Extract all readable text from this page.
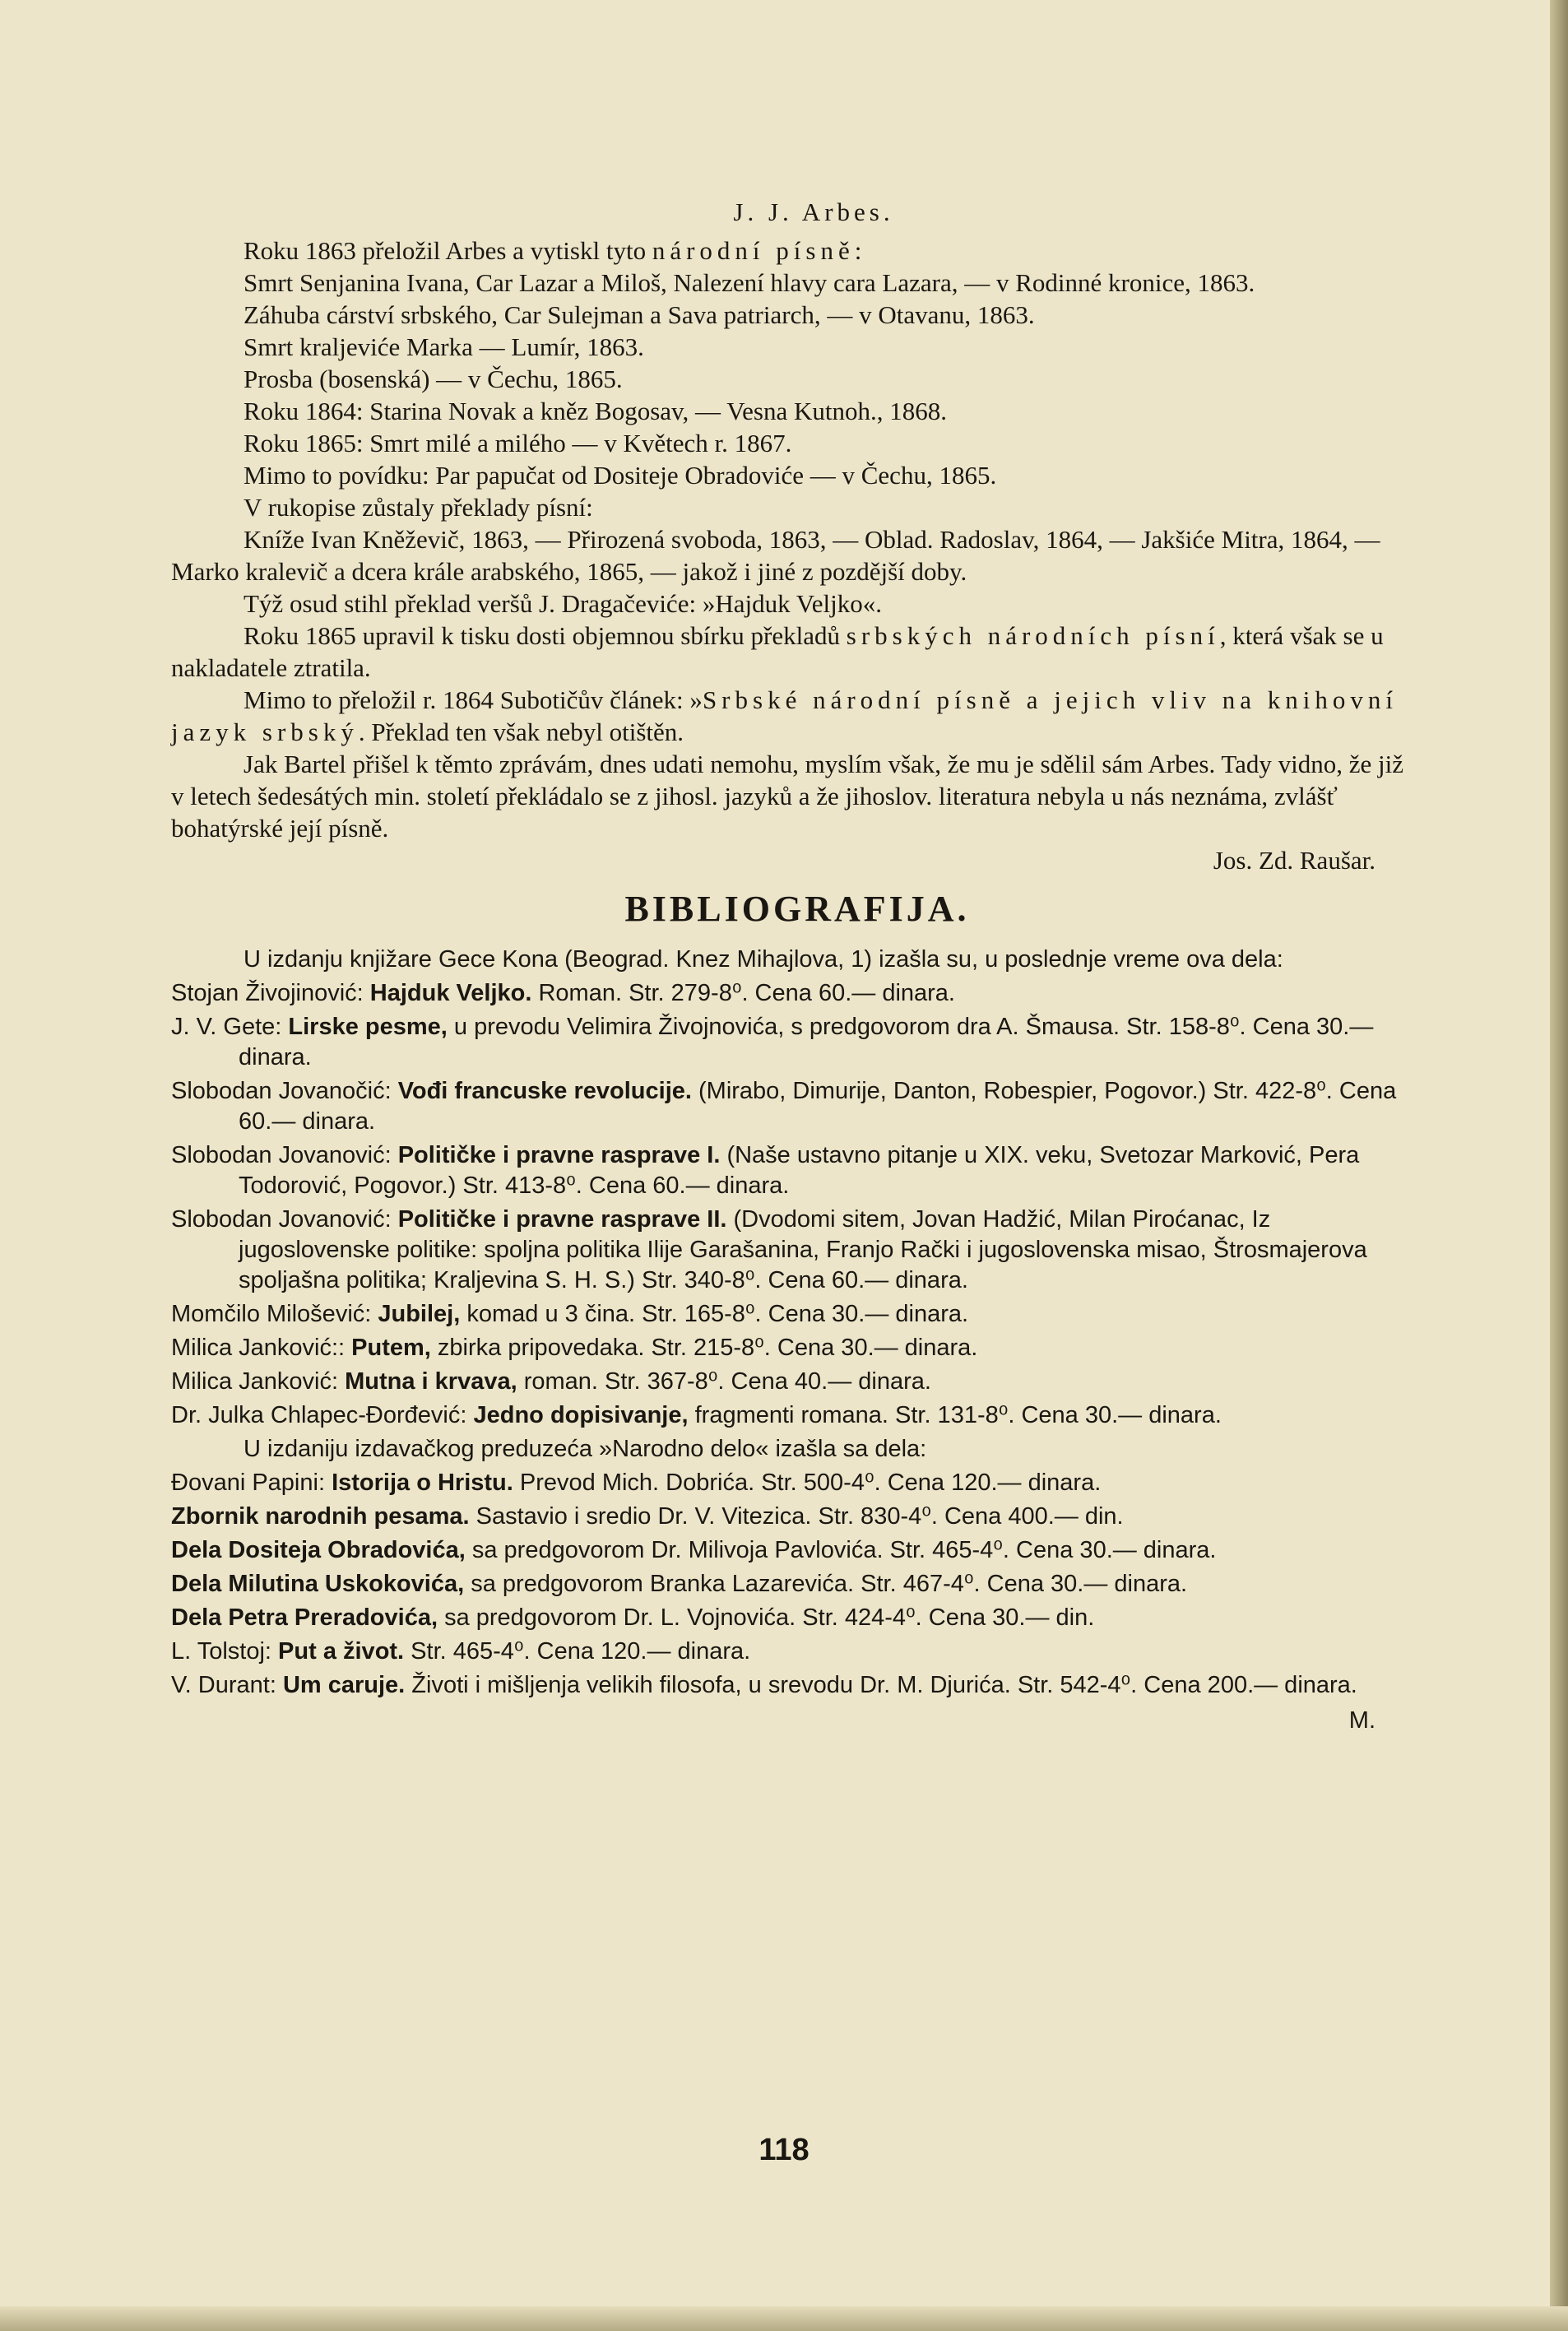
J. J. Arbes.

Roku 1863 přeložil Arbes a vytiskl tyto národní písně:

Smrt Senjanina Ivana, Car Lazar a Miloš, Nalezení hlavy cara Lazara, — v Rodinné kronice, 1863.

Záhuba cárství srbského, Car Sulejman a Sava patriarch, — v Otavanu, 1863.

Smrt kraljeviće Marka — Lumír, 1863.

Prosba (bosenská) — v Čechu, 1865.

Roku 1864: Starina Novak a kněz Bogosav, — Vesna Kutnoh., 1868.

Roku 1865: Smrt milé a milého — v Květech r. 1867.

Mimo to povídku: Par papučat od Dositeje Obradoviće — v Čechu, 1865.

V rukopise zůstaly překlady písní:

Kníže Ivan Kněževič, 1863, — Přirozená svoboda, 1863, — Oblad. Radoslav, 1864, — Jakšiće Mitra, 1864, — Marko kralevič a dcera krále arabského, 1865, — jakož i jiné z pozdější doby.

Týž osud stihl překlad veršů J. Dragačeviće: »Hajduk Veljko«.

Roku 1865 upravil k tisku dosti objemnou sbírku překladů srbských národních písní, která však se u nakladatele ztratila.

Mimo to přeložil r. 1864 Subotičův článek: »Srbské národní písně a jejich vliv na knihovní jazyk srbský. Překlad ten však nebyl otištěn.

Jak Bartel přišel k těmto zprávám, dnes udati nemohu, myslím však, že mu je sdělil sám Arbes. Tady vidno, že již v letech šedesátých min. století překládalo se z jihosl. jazyků a že jihoslov. literatura nebyla u nás neznáma, zvlášť bohatýrské její písně.

Jos. Zd. Raušar.

BIBLIOGRAFIJA.

U izdanju knjižare Gece Kona (Beograd. Knez Mihajlova, 1) izašla su, u poslednje vreme ova dela:

Stojan Živojinović: Hajduk Veljko. Roman. Str. 279-8⁰. Cena 60.— dinara.

J. V. Gete: Lirske pesme, u prevodu Velimira Živojnovića, s predgovorom dra A. Šmausa. Str. 158-8⁰. Cena 30.— dinara.

Slobodan Jovanočić: Vođi francuske revolucije. (Mirabo, Dimurije, Danton, Robespier, Pogovor.) Str. 422-8⁰. Cena 60.— dinara.

Slobodan Jovanović: Političke i pravne rasprave I. (Naše ustavno pitanje u XIX. veku, Svetozar Marković, Pera Todorović, Pogovor.) Str. 413-8⁰. Cena 60.— dinara.

Slobodan Jovanović: Političke i pravne rasprave II. (Dvodomi sitem, Jovan Hadžić, Milan Piroćanac, Iz jugoslovenske politike: spoljna politika Ilije Garašanina, Franjo Rački i jugoslovenska misao, Štrosmajerova spoljašna politika; Kraljevina S. H. S.) Str. 340-8⁰. Cena 60.— dinara.

Momčilo Milošević: Jubilej, komad u 3 čina. Str. 165-8⁰. Cena 30.— dinara.

Milica Janković:: Putem, zbirka pripovedaka. Str. 215-8⁰. Cena 30.— dinara.

Milica Janković: Mutna i krvava, roman. Str. 367-8⁰. Cena 40.— dinara.

Dr. Julka Chlapec-Đorđević: Jedno dopisivanje, fragmenti romana. Str. 131-8⁰. Cena 30.— dinara.

U izdaniju izdavačkog preduzeća »Narodno delo« izašla sa dela:

Đovani Papini: Istorija o Hristu. Prevod Mich. Dobrića. Str. 500-4⁰. Cena 120.— dinara.

Zbornik narodnih pesama. Sastavio i sredio Dr. V. Vitezica. Str. 830-4⁰. Cena 400.— din.

Dela Dositeja Obradovića, sa predgovorom Dr. Milivoja Pavlovića. Str. 465-4⁰. Cena 30.— dinara.

Dela Milutina Uskokovića, sa predgovorom Branka Lazarevića. Str. 467-4⁰. Cena 30.— dinara.

Dela Petra Preradovića, sa predgovorom Dr. L. Vojnovića. Str. 424-4⁰. Cena 30.— din.

L. Tolstoj: Put a život. Str. 465-4⁰. Cena 120.— dinara.

V. Durant: Um caruje. Životi i mišljenja velikih filosofa, u srevodu Dr. M. Djurića. Str. 542-4⁰. Cena 200.— dinara.

M.

118
